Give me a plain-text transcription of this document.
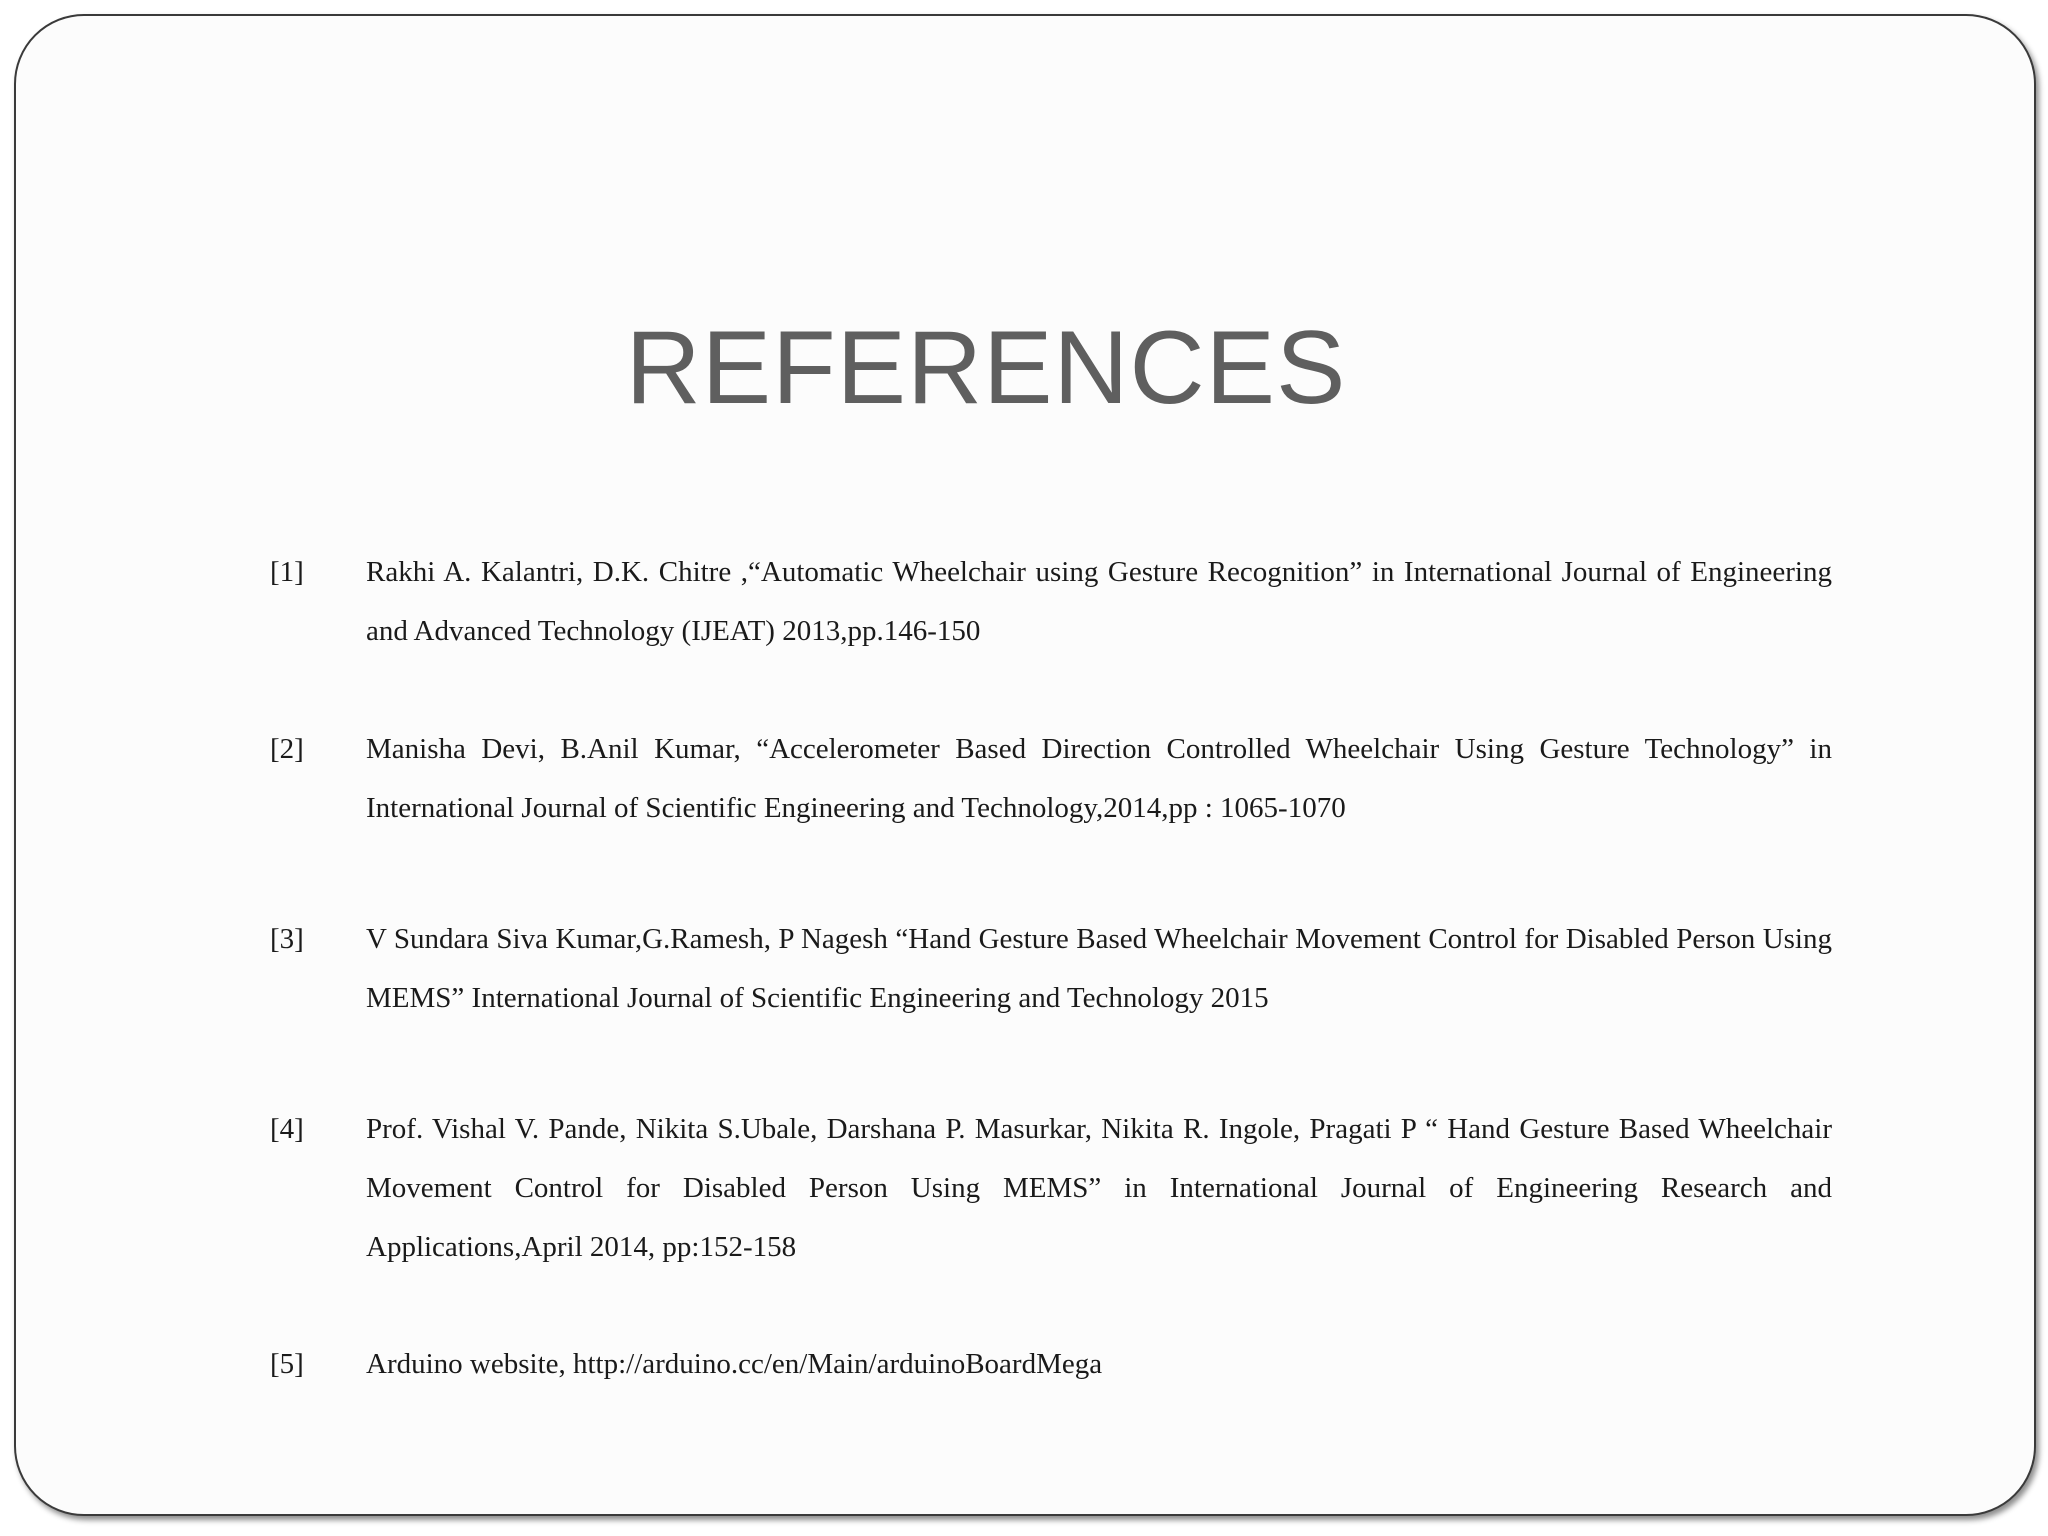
REFERENCES
[1] Rakhi A. Kalantri, D.K. Chitre ,“Automatic Wheelchair using Gesture Recognition” in International Journal of Engineering and Advanced Technology (IJEAT) 2013,pp.146-150
[2] Manisha Devi, B.Anil Kumar, “Accelerometer Based Direction Controlled Wheelchair Using Gesture Technology” in International Journal of Scientific Engineering and Technology,2014,pp : 1065-1070
[3] V Sundara Siva Kumar,G.Ramesh, P Nagesh “Hand Gesture Based Wheelchair Movement Control for Disabled Person Using MEMS” International Journal of Scientific Engineering and Technology 2015
[4] Prof. Vishal V. Pande, Nikita S.Ubale, Darshana P. Masurkar, Nikita R. Ingole, Pragati P “ Hand Gesture Based Wheelchair Movement Control for Disabled Person Using MEMS” in International Journal of Engineering Research and Applications,April 2014, pp:152-158
[5] Arduino website, http://arduino.cc/en/Main/arduinoBoardMega
